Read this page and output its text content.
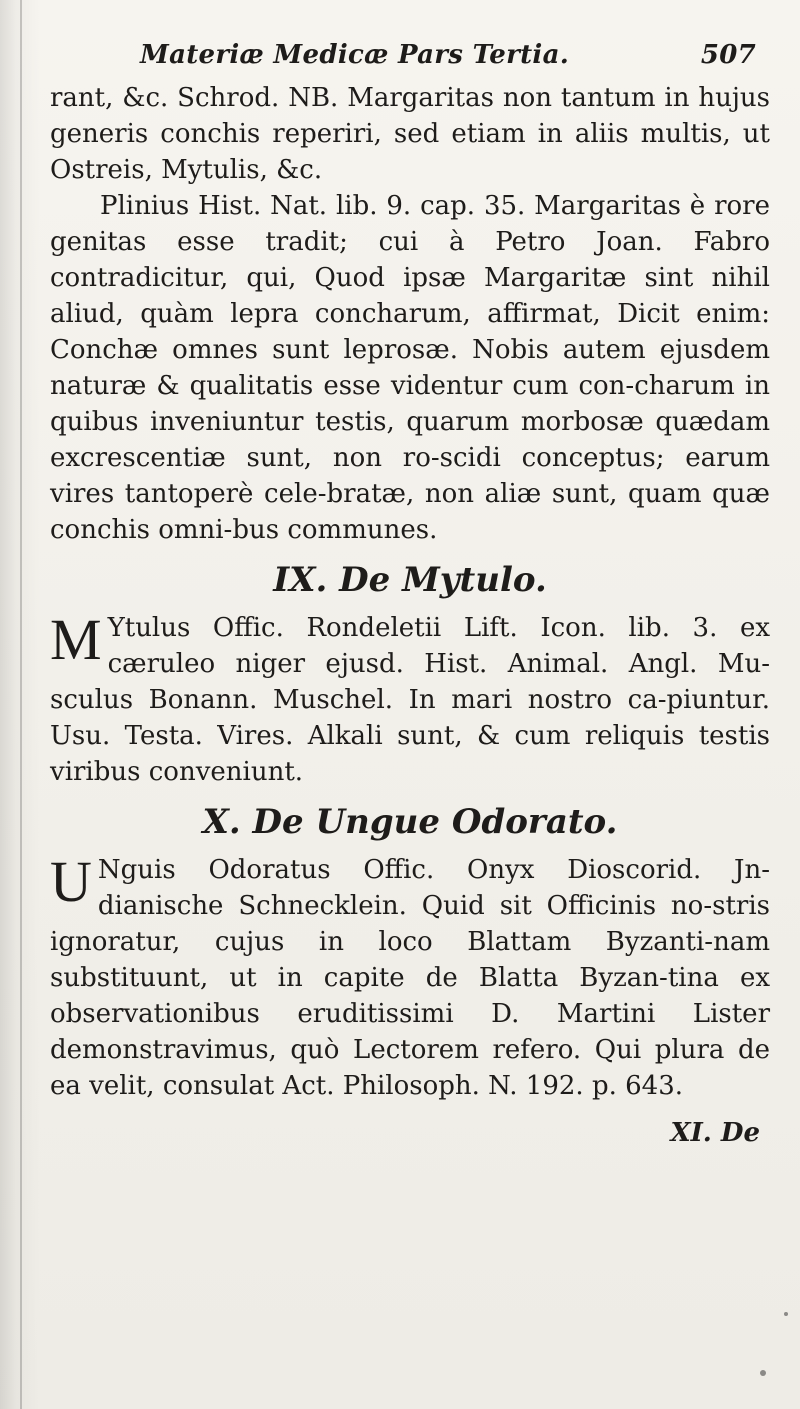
Materiæ Medicæ Pars Tertia.	507

rant, &c. Schrod. NB. Margaritas non tantum in hujus generis conchis reperiri, sed etiam in aliis multis, ut Ostreis, Mytulis, &c.

Plinius Hist. Nat. lib. 9. cap. 35. Margaritas è rore genitas esse tradit; cui à Petro Joan. Fabro contradicitur, qui, Quod ipsæ Margaritæ sint nihil aliud, quàm lepra concharum, affirmat, Dicit enim: Conchæ omnes sunt leprosæ. Nobis autem ejusdem naturæ & qualitatis esse videntur cum con-charum in quibus inveniuntur testis, quarum morbosæ quædam excrescentiæ sunt, non ro-scidi conceptus; earum vires tantoperè cele-bratæ, non aliæ sunt, quam quæ conchis omni-bus communes.

IX. De Mytulo.

M Ytulus Offic. Rondeletii Lift. Icon. lib. 3. ex cæruleo niger ejusd. Hist. Animal. Angl. Mu-sculus Bonann. Muschel. In mari nostro ca-piuntur. Usu. Testa. Vires. Alkali sunt, & cum reliquis testis viribus conveniunt.

X. De Ungue Odorato.

U Nguis Odoratus Offic. Onyx Dioscorid. Jn-dianische Schnecklein. Quid sit Officinis no-stris ignoratur, cujus in loco Blattam Byzanti-nam substituunt, ut in capite de Blatta Byzan-tina ex observationibus eruditissimi D. Martini Lister demonstravimus, quò Lectorem refero. Qui plura de ea velit, consulat Act. Philosoph. N. 192. p. 643.

XI. De
